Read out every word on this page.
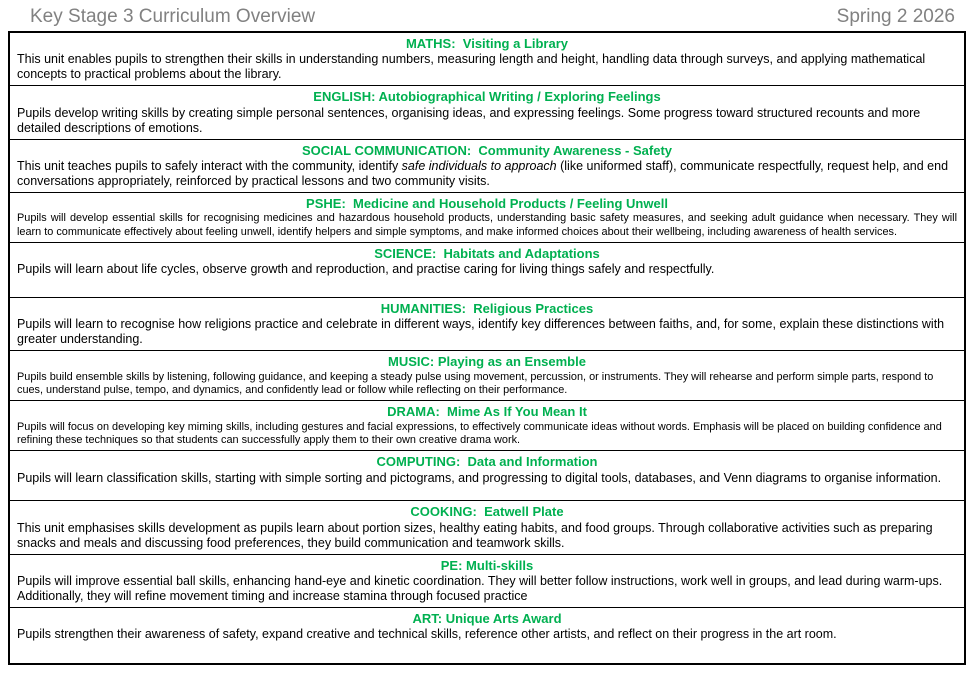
Key Stage 3 Curriculum Overview	Spring 2 2026
MATHS:  Visiting a Library

This unit enables pupils to strengthen their skills in understanding numbers, measuring length and height, handling data through surveys, and applying mathematical concepts to practical problems about the library.

ENGLISH: Autobiographical Writing / Exploring Feelings

Pupils develop writing skills by creating simple personal sentences, organising ideas, and expressing feelings. Some progress toward structured recounts and more detailed descriptions of emotions.

SOCIAL COMMUNICATION:  Community Awareness - Safety

This unit teaches pupils to safely interact with the community, identify safe individuals to approach (like uniformed staff), communicate respectfully, request help, and end conversations appropriately, reinforced by practical lessons and two community visits.

PSHE:  Medicine and Household Products / Feeling Unwell

Pupils will develop essential skills for recognising medicines and hazardous household products, understanding basic safety measures, and seeking adult guidance when necessary. They will learn to communicate effectively about feeling unwell, identify helpers and simple symptoms, and make informed choices about their wellbeing, including awareness of health services.

SCIENCE:  Habitats and Adaptations

Pupils will learn about life cycles, observe growth and reproduction, and practise caring for living things safely and respectfully.

HUMANITIES:  Religious Practices

Pupils will learn to recognise how religions practice and celebrate in different ways, identify key differences between faiths, and, for some, explain these distinctions with greater understanding.

MUSIC: Playing as an Ensemble

Pupils build ensemble skills by listening, following guidance, and keeping a steady pulse using movement, percussion, or instruments. They will rehearse and perform simple parts, respond to cues, understand pulse, tempo, and dynamics, and confidently lead or follow while reflecting on their performance.

DRAMA:  Mime As If You Mean It

Pupils will focus on developing key miming skills, including gestures and facial expressions, to effectively communicate ideas without words. Emphasis will be placed on building confidence and refining these techniques so that students can successfully apply them to their own creative drama work.

COMPUTING:  Data and Information

Pupils will learn classification skills, starting with simple sorting and pictograms, and progressing to digital tools, databases, and Venn diagrams to organise information.

COOKING:  Eatwell Plate

This unit emphasises skills development as pupils learn about portion sizes, healthy eating habits, and food groups. Through collaborative activities such as preparing snacks and meals and discussing food preferences, they build communication and teamwork skills.

PE: Multi-skills

Pupils will improve essential ball skills, enhancing hand-eye and kinetic coordination. They will better follow instructions, work well in groups, and lead during warm-ups. Additionally, they will refine movement timing and increase stamina through focused practice

ART: Unique Arts Award

Pupils strengthen their awareness of safety, expand creative and technical skills, reference other artists, and reflect on their progress in the art room.
